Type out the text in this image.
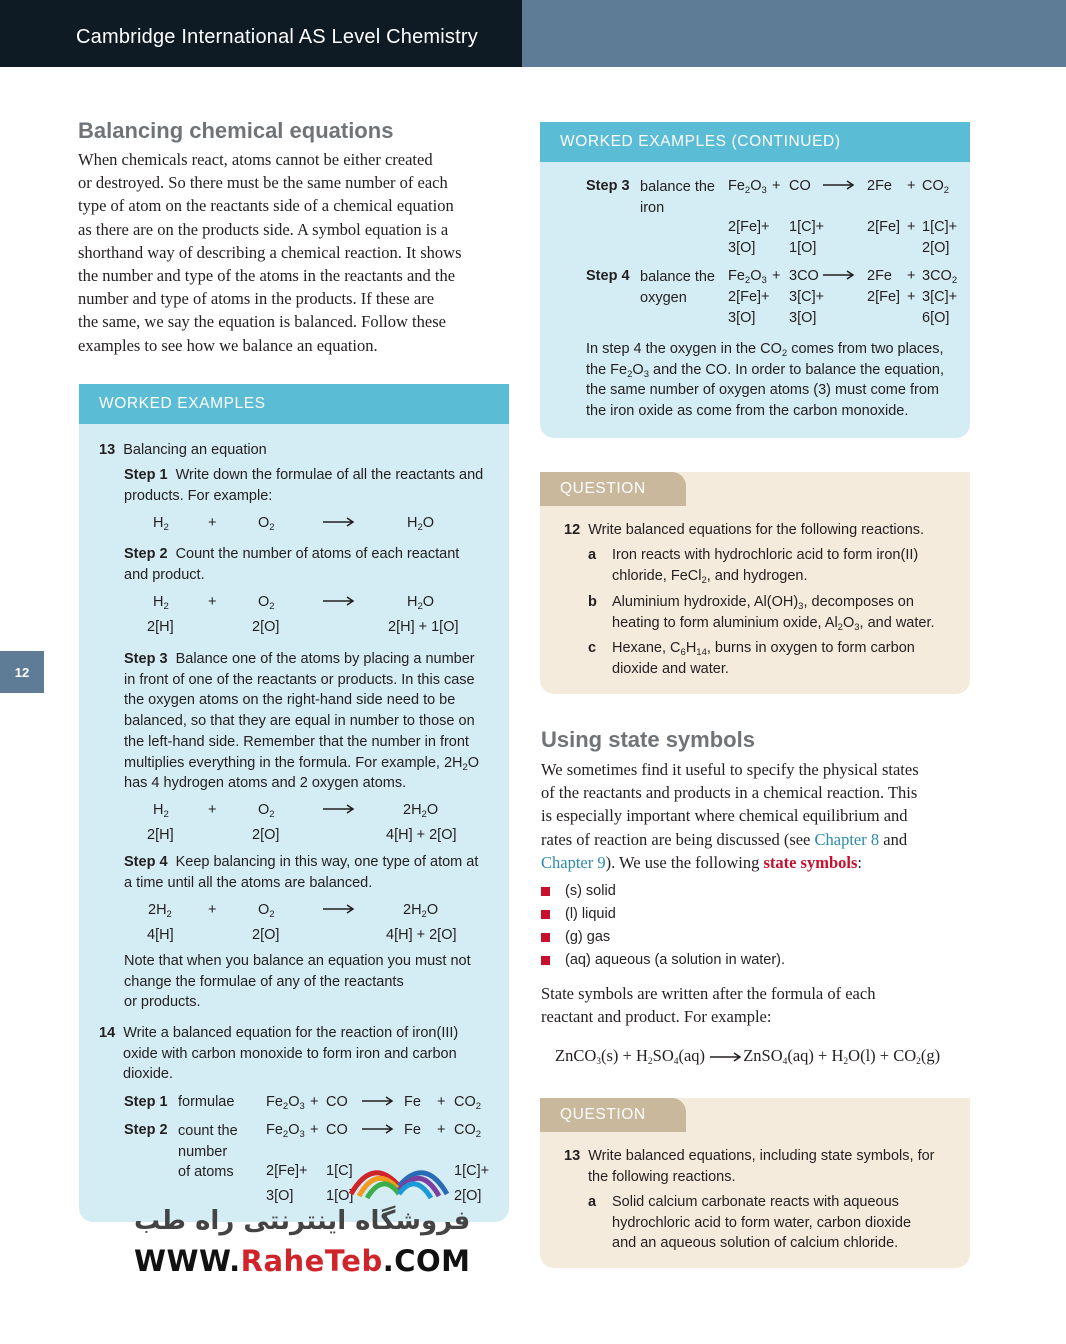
Cambridge International AS Level Chemistry
12
Balancing chemical equations
When chemicals react, atoms cannot be either created
or destroyed. So there must be the same number of each
type of atom on the reactants side of a chemical equation
as there are on the products side. A symbol equation is a
shorthand way of describing a chemical reaction. It shows
the number and type of the atoms in the reactants and the
number and type of atoms in the products. If these are
the same, we say the equation is balanced. Follow these
examples to see how we balance an equation.
WORKED EXAMPLES
13 Balancing an equation
Step 1 Write down the formulae of all the reactants and
products. For example:
$H_2$	+	$O_2$	$H_2O$
Step 2 Count the number of atoms of each reactant
and product.
$H_2$	+	$O_2$	$H_2O$
2[H]	2[O]	2[H] + 1[O]
Step 3 Balance one of the atoms by placing a number
in front of one of the reactants or products. In this case
the oxygen atoms on the right-hand side need to be
balanced, so that they are equal in number to those on
the left-hand side. Remember that the number in front
multiplies everything in the formula. For example, $2H_2O$
has 4 hydrogen atoms and 2 oxygen atoms.
$H_2$	+	$O_2$	$2H_2O$
2[H]	2[O]	4[H] + 2[O]
Step 4 Keep balancing in this way, one type of atom at
a time until all the atoms are balanced.
$2H_2$ +	$O_2$	$2H_2O$
4[H]	2[O]	4[H] + 2[O]
Note that when you balance an equation you must not
change the formulae of any of the reactants
or products.
14 Write a balanced equation for the reaction of iron(III)
oxide with carbon monoxide to form iron and carbon
dioxide.
Step 1 formulae $Fe_2O_3$ + CO	$Fe + CO_2$
Step 2 count the
number
of atoms
$Fe_2O_3$ + CO	$Fe + CO_2$
2[Fe]+ 1[C]	1[C]+
3[O] 1[O]	2[O]
فروشگاه اینترنتی راه طب
WWW.RaheTeb.COM
WORKED EXAMPLES (CONTINUED)
Step 3 balance the
iron
$Fe_2O_3$ + CO	$2Fe + CO_2$
2[Fe]+ 1[C]+	2[Fe] + 1[C]+
3[O] 1[O]	2[O]
Step 4 balance the
oxygen
$Fe_2O_3 + 3CO$	$2Fe + 3CO_2$
2[Fe]+ 3[C]+	2[Fe] + 3[C]+
3[O] 3[O]	6[O]
In step 4 the oxygen in the $CO_2$ comes from two places,
the $Fe_2O_3$ and the CO. In order to balance the equation,
the same number of oxygen atoms (3) must come from
the iron oxide as come from the carbon monoxide.
QUESTION
12 Write balanced equations for the following reactions.
a Iron reacts with hydrochloric acid to form iron(II)
chloride, FeCl$_2$, and hydrogen.
b Aluminium hydroxide, $Al(OH)_3$, decomposes on
heating to form aluminium oxide, $Al_2O_3$, and water.
c Hexane, $C_6H_{14}$, burns in oxygen to form carbon
dioxide and water.
Using state symbols
We sometimes find it useful to specify the physical states
of the reactants and products in a chemical reaction. This
is especially important where chemical equilibrium and
rates of reaction are being discussed (see Chapter 8 and
Chapter 9). We use the following state symbols:
(s) solid
(l) liquid
(g) gas
(aq) aqueous (a solution in water).
State symbols are written after the formula of each
reactant and product. For example:
ZnCO$_3$(s) + $H_2SO_4(aq)$ ZnSO$_4$(aq) + $H_2O(l) + CO_2(g)$
QUESTION
13 Write balanced equations, including state symbols, for
the following reactions.
a Solid calcium carbonate reacts with aqueous
hydrochloric acid to form water, carbon dioxide
and an aqueous solution of calcium chloride.
